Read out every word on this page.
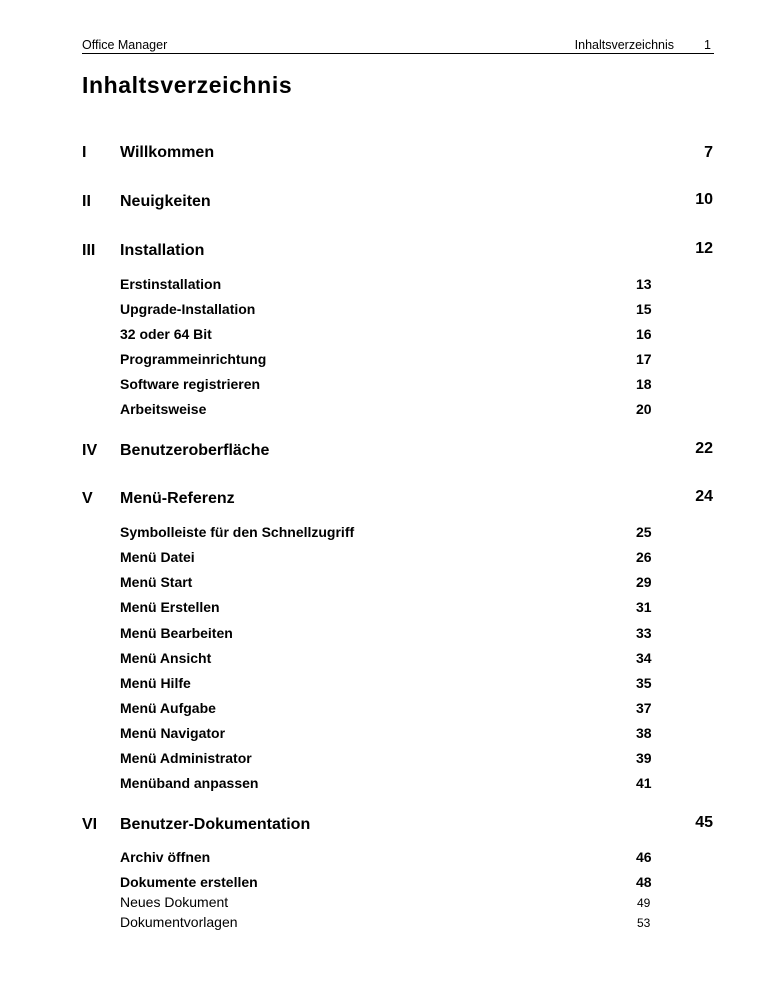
Office Manager	Inhaltsverzeichnis 1
Inhaltsverzeichnis
I Willkommen	7
II Neuigkeiten	10
III Installation	12
Erstinstallation	13
Upgrade-Installation	15
32 oder 64 Bit	16
Programmeinrichtung	17
Software registrieren	18
Arbeitsweise	20
IV Benutzeroberfläche	22
V Menü-Referenz	24
Symbolleiste für den Schnellzugriff	25
Menü Datei	26
Menü Start	29
Menü Erstellen	31
Menü Bearbeiten	33
Menü Ansicht	34
Menü Hilfe	35
Menü Aufgabe	37
Menü Navigator	38
Menü Administrator	39
Menüband anpassen	41
VI Benutzer-Dokumentation	45
Archiv öffnen	46
Dokumente erstellen	48
Neues Dokument	49
Dokumentvorlagen	53
